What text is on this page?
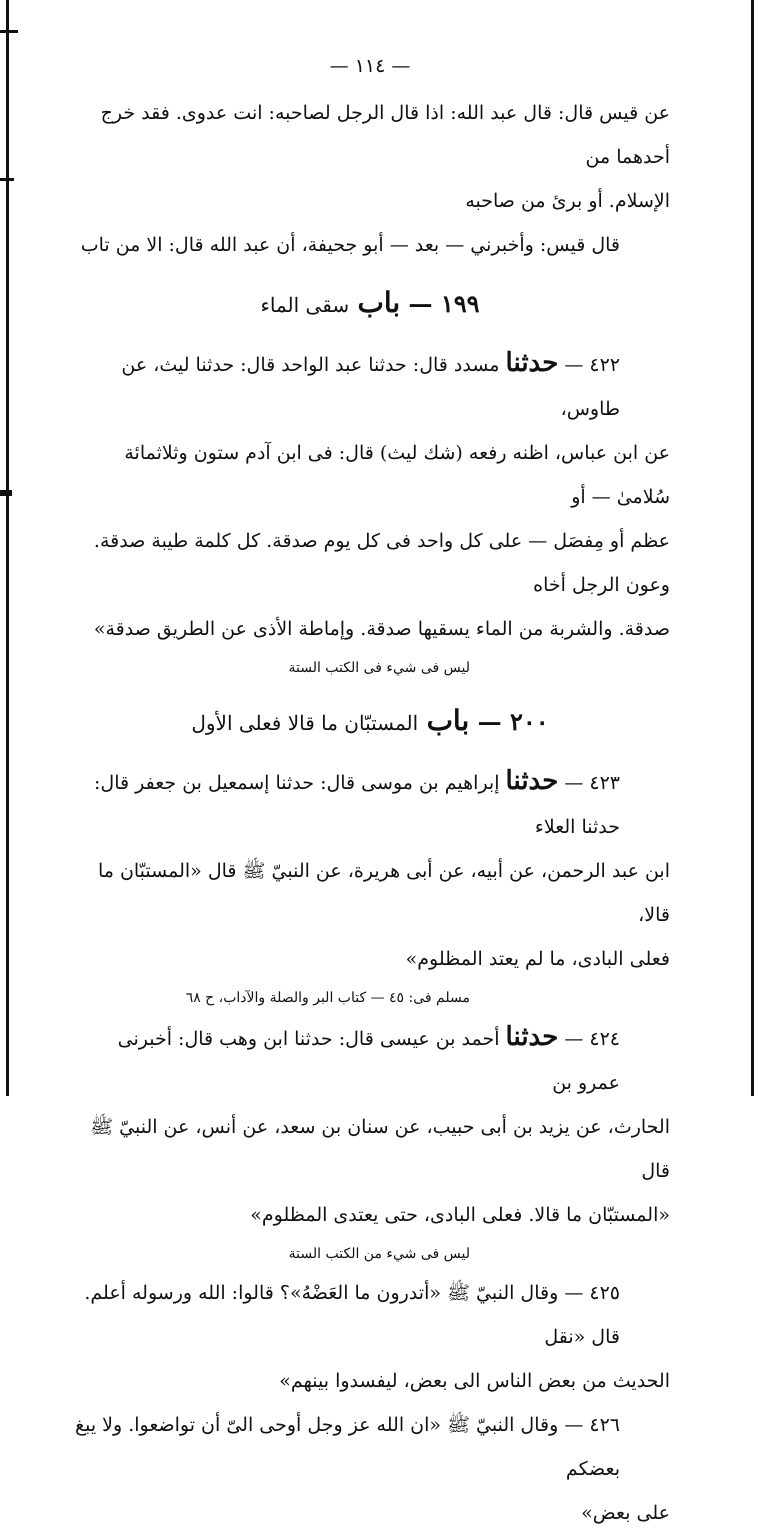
— ١١٤ —

عن قيس قال: قال عبد الله: اذا قال الرجل لصاحبه: انت عدوى. فقد خرج أحدهما من

الإسلام. أو برئ من صاحبه

قال قيس: وأخبرني — بعد — أبو جحيفة، أن عبد الله قال: الا من تاب

١٩٩ — باب سقى الماء

٤٢٢ — حدثنا مسدد قال: حدثنا عبد الواحد قال: حدثنا ليث، عن طاوس،

عن ابن عباس، اظنه رفعه (شك ليث) قال: فى ابن آدم ستون وثلاثمائة سُلامىٰ — أو

عظم أو مِفصَل — على كل واحد فى كل يوم صدقة. كل كلمة طيبة صدقة. وعون الرجل أخاه

صدقة. والشربة من الماء يسقيها صدقة. وإماطة الأذى عن الطريق صدقة»

ليس فى شيء فى الكتب الستة
٢٠٠ — باب المستبّان ما قالا فعلى الأول

٤٢٣ — حدثنا إبراهيم بن موسى قال: حدثنا إسمعيل بن جعفر قال: حدثنا العلاء

ابن عبد الرحمن، عن أبيه، عن أبى هريرة، عن النبيّ ﷺ قال «المستبّان ما قالا،

فعلى البادى، ما لم يعتد المظلوم»

مسلم فى: ٤٥ — كتاب البر والصلة والآداب، ح ٦٨

٤٢٤ — حدثنا أحمد بن عيسى قال: حدثنا ابن وهب قال: أخبرنى عمرو بن

الحارث، عن يزيد بن أبى حبيب، عن سنان بن سعد، عن أنس، عن النبيّ ﷺ قال

«المستبّان ما قالا. فعلى البادى، حتى يعتدى المظلوم»

ليس فى شيء من الكتب الستة

٤٢٥ — وقال النبيّ ﷺ «أتدرون ما العَضْهُ»؟ قالوا: الله ورسوله أعلم. قال «نقل

الحديث من بعض الناس الى بعض، ليفسدوا بينهم»

٤٢٦ — وقال النبيّ ﷺ «ان الله عز وجل أوحى الىّ أن تواضعوا. ولا يبغ بعضكم

على بعض»
